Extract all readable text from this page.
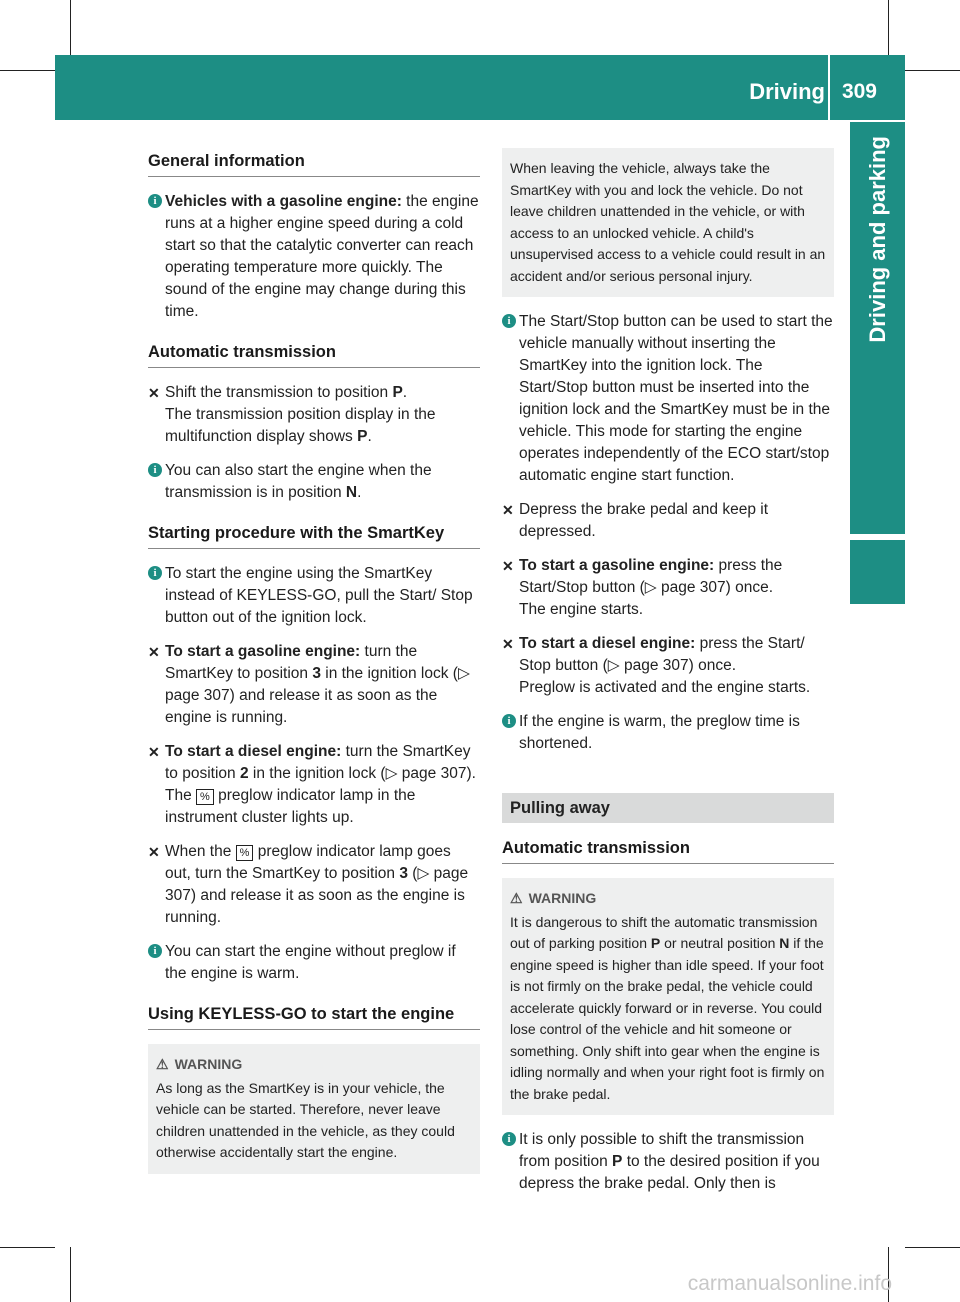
Driving 309
Driving and parking
General information
i Vehicles with a gasoline engine: the engine runs at a higher engine speed during a cold start so that the catalytic converter can reach operating temperature more quickly. The sound of the engine may change during this time.
Automatic transmission
✕ Shift the transmission to position P.
The transmission position display in the multifunction display shows P.
i You can also start the engine when the transmission is in position N.
Starting procedure with the SmartKey
i To start the engine using the SmartKey instead of KEYLESS-GO, pull the Start/ Stop button out of the ignition lock.
✕ To start a gasoline engine: turn the SmartKey to position 3 in the ignition lock (▷ page 307) and release it as soon as the engine is running.
✕ To start a diesel engine: turn the SmartKey to position 2 in the ignition lock (▷ page 307).
The % preglow indicator lamp in the instrument cluster lights up.
✕ When the % preglow indicator lamp goes out, turn the SmartKey to position 3 (▷ page 307) and release it as soon as the engine is running.
i You can start the engine without preglow if the engine is warm.
Using KEYLESS-GO to start the engine
⚠ WARNING
As long as the SmartKey is in your vehicle, the vehicle can be started. Therefore, never leave children unattended in the vehicle, as they could otherwise accidentally start the engine.
When leaving the vehicle, always take the SmartKey with you and lock the vehicle. Do not leave children unattended in the vehicle, or with access to an unlocked vehicle. A child's unsupervised access to a vehicle could result in an accident and/or serious personal injury.
i The Start/Stop button can be used to start the vehicle manually without inserting the SmartKey into the ignition lock. The Start/Stop button must be inserted into the ignition lock and the SmartKey must be in the vehicle. This mode for starting the engine operates independently of the ECO start/stop automatic engine start function.
✕ Depress the brake pedal and keep it depressed.
✕ To start a gasoline engine: press the Start/Stop button (▷ page 307) once.
The engine starts.
✕ To start a diesel engine: press the Start/ Stop button (▷ page 307) once.
Preglow is activated and the engine starts.
i If the engine is warm, the preglow time is shortened.
Pulling away
Automatic transmission
⚠ WARNING
It is dangerous to shift the automatic transmission out of parking position P or neutral position N if the engine speed is higher than idle speed. If your foot is not firmly on the brake pedal, the vehicle could accelerate quickly forward or in reverse. You could lose control of the vehicle and hit someone or something. Only shift into gear when the engine is idling normally and when your right foot is firmly on the brake pedal.
i It is only possible to shift the transmission from position P to the desired position if you depress the brake pedal. Only then is
carmanualsonline.info
